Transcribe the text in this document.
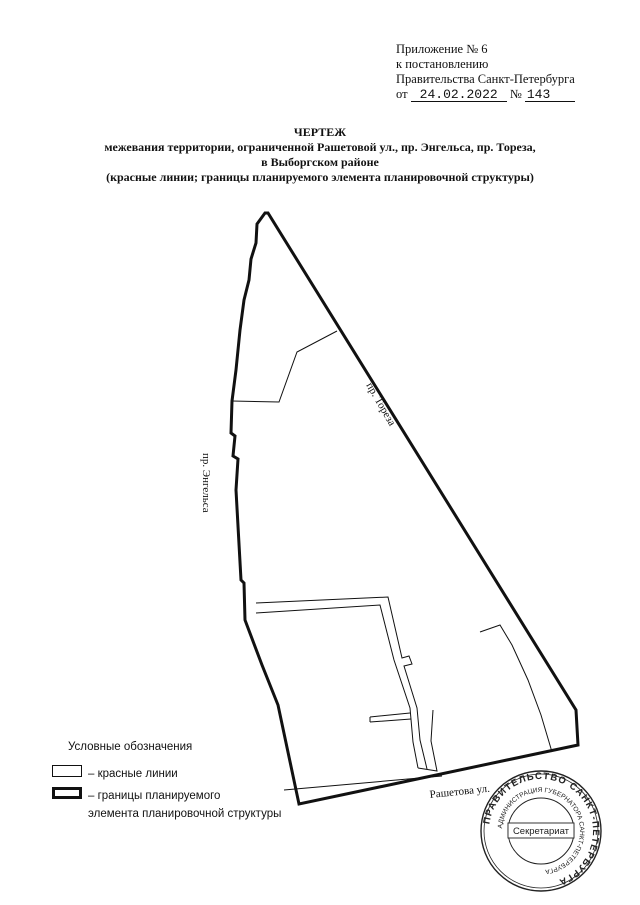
Приложение № 6
к постановлению
Правительства Санкт-Петербурга
от 24.02.2022 № 143
ЧЕРТЕЖ
межевания территории, ограниченной Рашетовой ул., пр. Энгельса, пр. Тореза,
в Выборгском районе
(красные линии; границы планируемого элемента планировочной структуры)
пр. Тореза
пр. Энгельса
Рашетова ул.
Условные обозначения
– красные линии
– границы планируемого
элемента планировочной структуры
ПРАВИТЕЛЬСТВО САНКТ-ПЕТЕРБУРГА
АДМИНИСТРАЦИЯ ГУБЕРНАТОРА САНКТ-ПЕТЕРБУРГА
Секретариат
